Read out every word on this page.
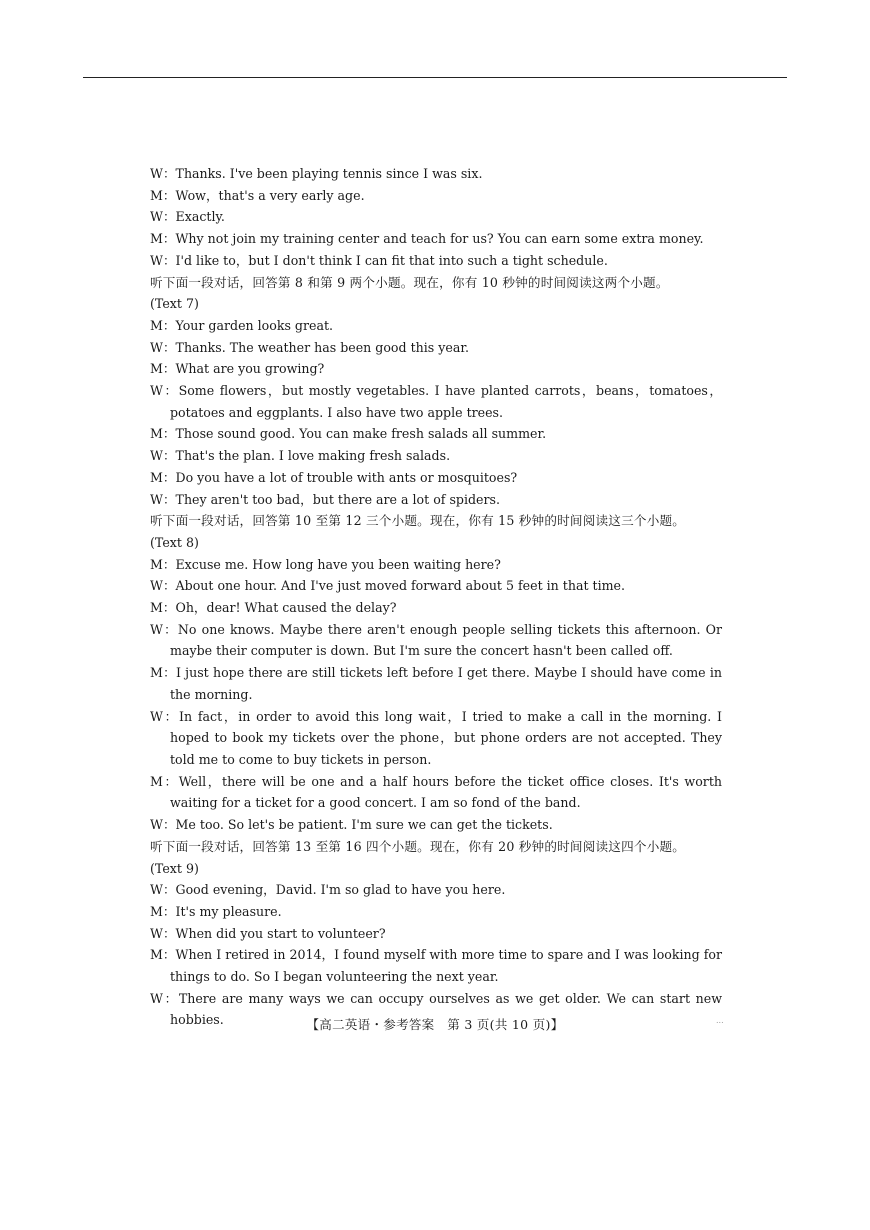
W：Thanks. I've been playing tennis since I was six.
M：Wow，that's a very early age.
W：Exactly.
M：Why not join my training center and teach for us? You can earn some extra money.
W：I'd like to，but I don't think I can fit that into such a tight schedule.
听下面一段对话，回答第 8 和第 9 两个小题。现在，你有 10 秒钟的时间阅读这两个小题。
(Text 7)
M：Your garden looks great.
W：Thanks. The weather has been good this year.
M：What are you growing?
W：Some flowers，but mostly vegetables. I have planted carrots，beans，tomatoes，potatoes and eggplants. I also have two apple trees.
M：Those sound good. You can make fresh salads all summer.
W：That's the plan. I love making fresh salads.
M：Do you have a lot of trouble with ants or mosquitoes?
W：They aren't too bad，but there are a lot of spiders.
听下面一段对话，回答第 10 至第 12 三个小题。现在，你有 15 秒钟的时间阅读这三个小题。
(Text 8)
M：Excuse me. How long have you been waiting here?
W：About one hour. And I've just moved forward about 5 feet in that time.
M：Oh，dear! What caused the delay?
W：No one knows. Maybe there aren't enough people selling tickets this afternoon. Or maybe their computer is down. But I'm sure the concert hasn't been called off.
M：I just hope there are still tickets left before I get there. Maybe I should have come in the morning.
W：In fact，in order to avoid this long wait，I tried to make a call in the morning. I hoped to book my tickets over the phone，but phone orders are not accepted. They told me to come to buy tickets in person.
M：Well，there will be one and a half hours before the ticket office closes. It's worth waiting for a ticket for a good concert. I am so fond of the band.
W：Me too. So let's be patient. I'm sure we can get the tickets.
听下面一段对话，回答第 13 至第 16 四个小题。现在，你有 20 秒钟的时间阅读这四个小题。
(Text 9)
W：Good evening，David. I'm so glad to have you here.
M：It's my pleasure.
W：When did you start to volunteer?
M：When I retired in 2014，I found myself with more time to spare and I was looking for things to do. So I began volunteering the next year.
W：There are many ways we can occupy ourselves as we get older. We can start new hobbies.	【高二英语・参考答案　第 3 页(共 10 页)】	...
